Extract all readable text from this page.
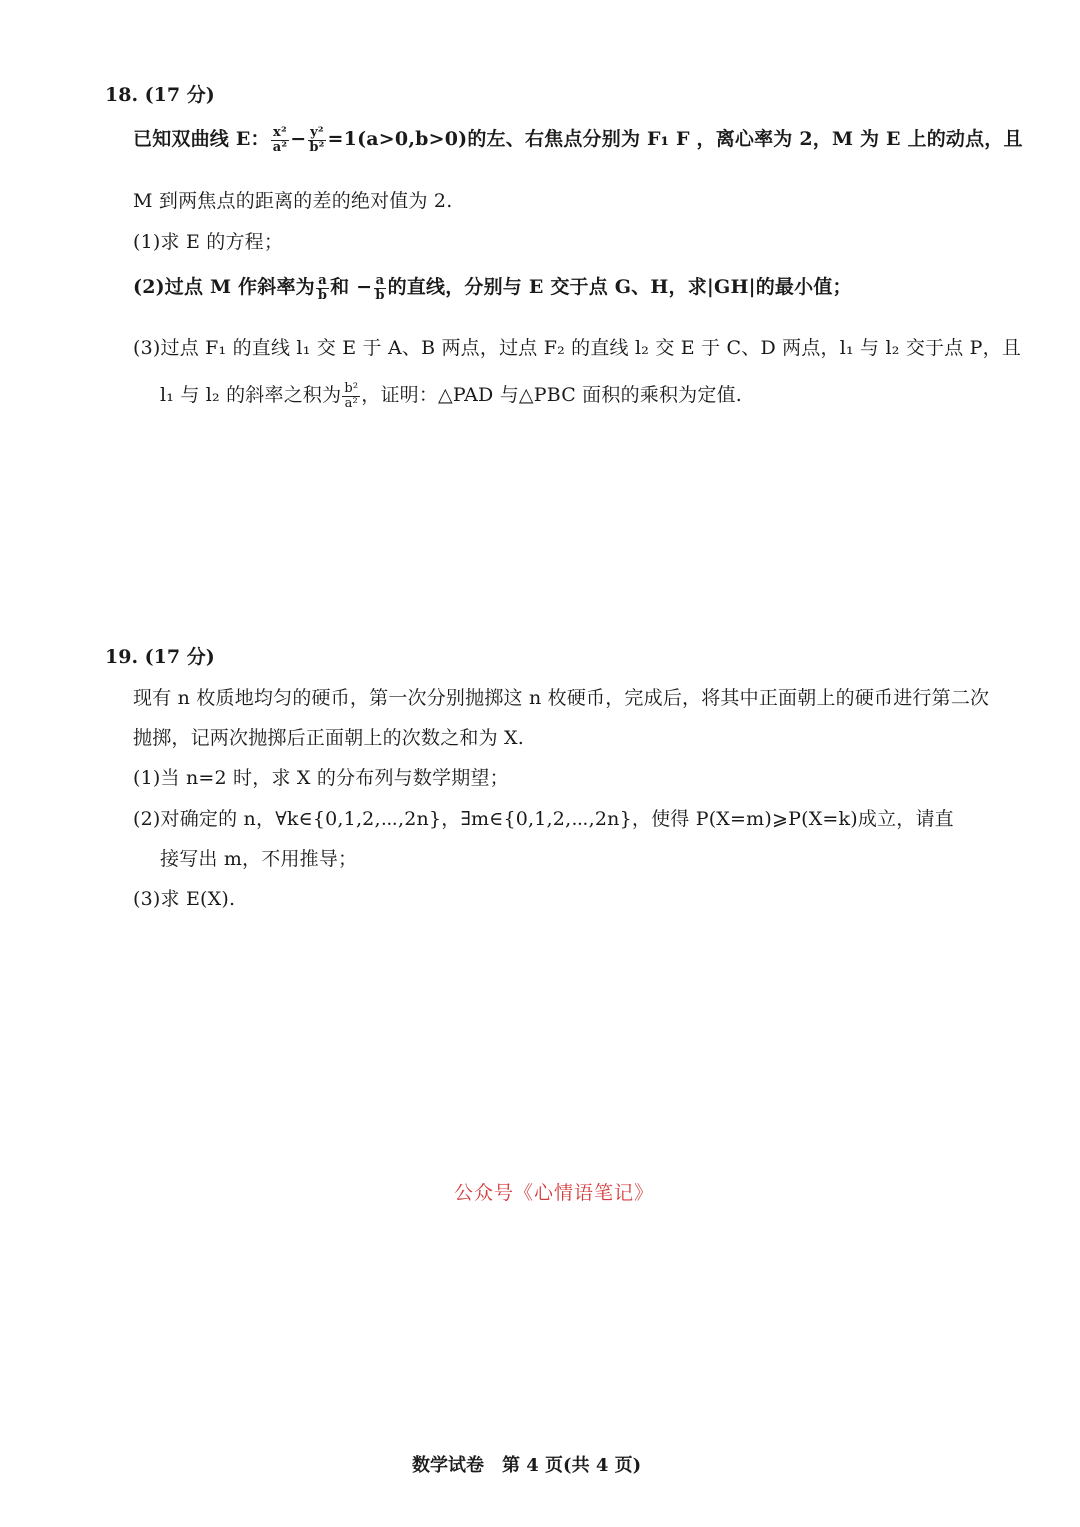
18. (17 分)
已知双曲线 E： $\frac{\text{x²}}{\text{a²}} - \frac{\text{y²}}{\text{b²}} =1(a>0,b>0)$的左、右焦点分别为 F₁ F ，离心率为 2，M 为 E 上的动点，且
M 到两焦点的距离的差的绝对值为 2.
(1)求 E 的方程；
(2)过点 M 作斜率为 $\frac{a}{b}$ 和 − $\frac{a}{b}$ 的直线，分别与 E 交于点 G、H，求|GH|的最小值；
(3)过点 F₁ 的直线 l₁ 交 E 于 A、B 两点，过点 F₂ 的直线 l₂ 交 E 于 C、D 两点，l₁ 与 l₂ 交于点 P，且
l₁ 与 l₂ 的斜率之积为 $\frac{\text{b²}}{\text{a²}}$ ，证明：△PAD 与△PBC 面积的乘积为定值.
19. (17 分)
现有 n 枚质地均匀的硬币，第一次分别抛掷这 n 枚硬币，完成后，将其中正面朝上的硬币进行第二次
抛掷，记两次抛掷后正面朝上的次数之和为 X.
(1)当 n=2 时，求 X 的分布列与数学期望；
(2)对确定的 n，∀k∈{0,1,2,⋯,2n}，∃m∈{0,1,2,⋯,2n}，使得 P(X=m)⩾P(X=k)成立，请直
接写出 m，不用推导；
(3)求 E(X).
公众号《心情语笔记》
数学试卷　第 4 页(共 4 页)
